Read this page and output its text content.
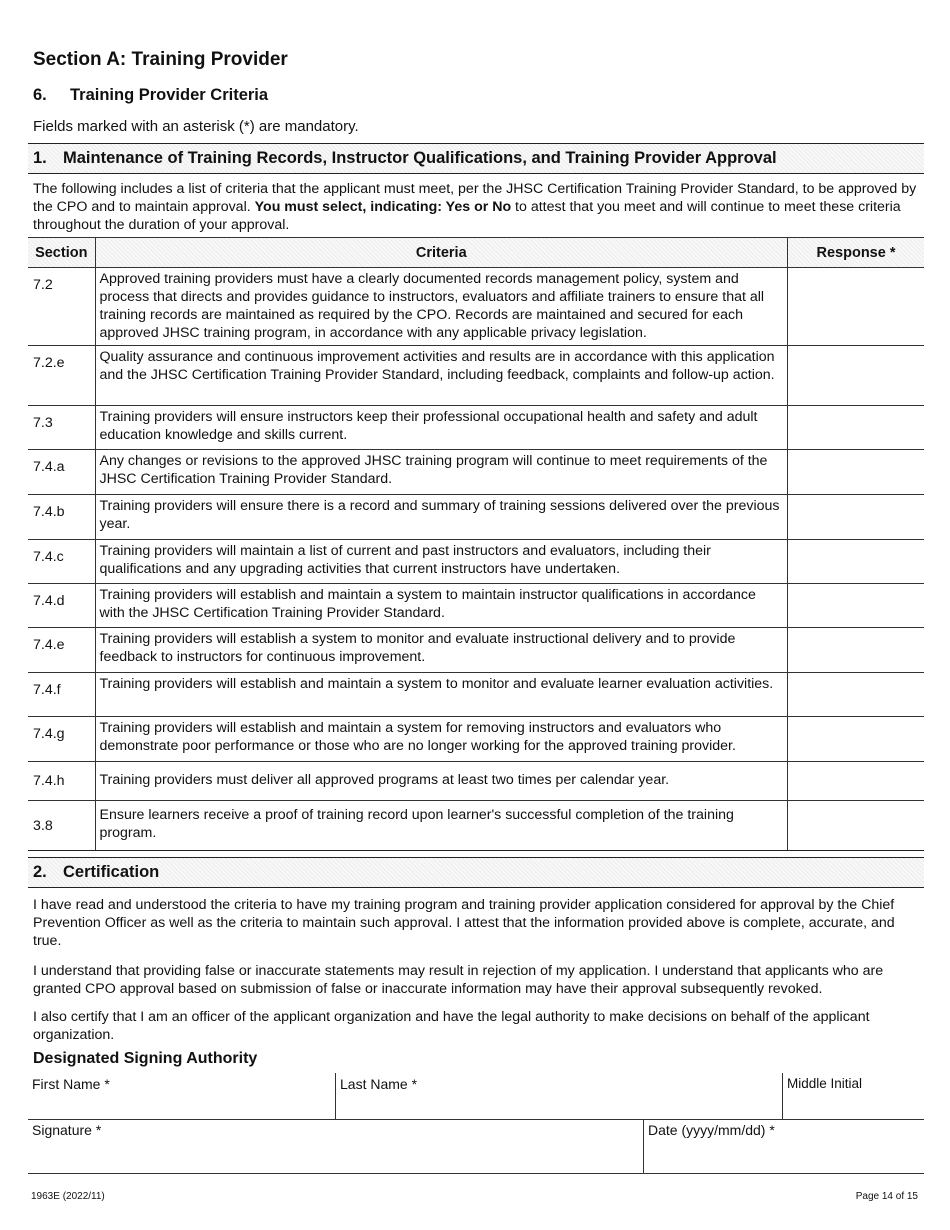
Section A: Training Provider
6. Training Provider Criteria
Fields marked with an asterisk (*) are mandatory.
1. Maintenance of Training Records, Instructor Qualifications, and Training Provider Approval
The following includes a list of criteria that the applicant must meet, per the JHSC Certification Training Provider Standard, to be approved by the CPO and to maintain approval. You must select, indicating: Yes or No to attest that you meet and will continue to meet these criteria throughout the duration of your approval.
Section	Criteria	Response *
7.2	Approved training providers must have a clearly documented records management policy, system and process that directs and provides guidance to instructors, evaluators and affiliate trainers to ensure that all training records are maintained as required by the CPO. Records are maintained and secured for each approved JHSC training program, in accordance with any applicable privacy legislation.	
7.2.e	Quality assurance and continuous improvement activities and results are in accordance with this application and the JHSC Certification Training Provider Standard, including feedback, complaints and follow-up action.	
7.3	Training providers will ensure instructors keep their professional occupational health and safety and adult education knowledge and skills current.	
7.4.a	Any changes or revisions to the approved JHSC training program will continue to meet requirements of the JHSC Certification Training Provider Standard.	
7.4.b	Training providers will ensure there is a record and summary of training sessions delivered over the previous year.	
7.4.c	Training providers will maintain a list of current and past instructors and evaluators, including their qualifications and any upgrading activities that current instructors have undertaken.	
7.4.d	Training providers will establish and maintain a system to maintain instructor qualifications in accordance with the JHSC Certification Training Provider Standard.	
7.4.e	Training providers will establish a system to monitor and evaluate instructional delivery and to provide feedback to instructors for continuous improvement.	
7.4.f	Training providers will establish and maintain a system to monitor and evaluate learner evaluation activities.	
7.4.g	Training providers will establish and maintain a system for removing instructors and evaluators who demonstrate poor performance or those who are no longer working for the approved training provider.	
7.4.h	Training providers must deliver all approved programs at least two times per calendar year.	
3.8	Ensure learners receive a proof of training record upon learner's successful completion of the training program.	
2. Certification
I have read and understood the criteria to have my training program and training provider application considered for approval by the Chief Prevention Officer as well as the criteria to maintain such approval. I attest that the information provided above is complete, accurate, and true.
I understand that providing false or inaccurate statements may result in rejection of my application. I understand that applicants who are granted CPO approval based on submission of false or inaccurate information may have their approval subsequently revoked.
I also certify that I am an officer of the applicant organization and have the legal authority to make decisions on behalf of the applicant organization.
Designated Signing Authority
First Name *	Last Name *	Middle Initial
Signature *	Date (yyyy/mm/dd) *
1963E (2022/11)	Page 14 of 15
